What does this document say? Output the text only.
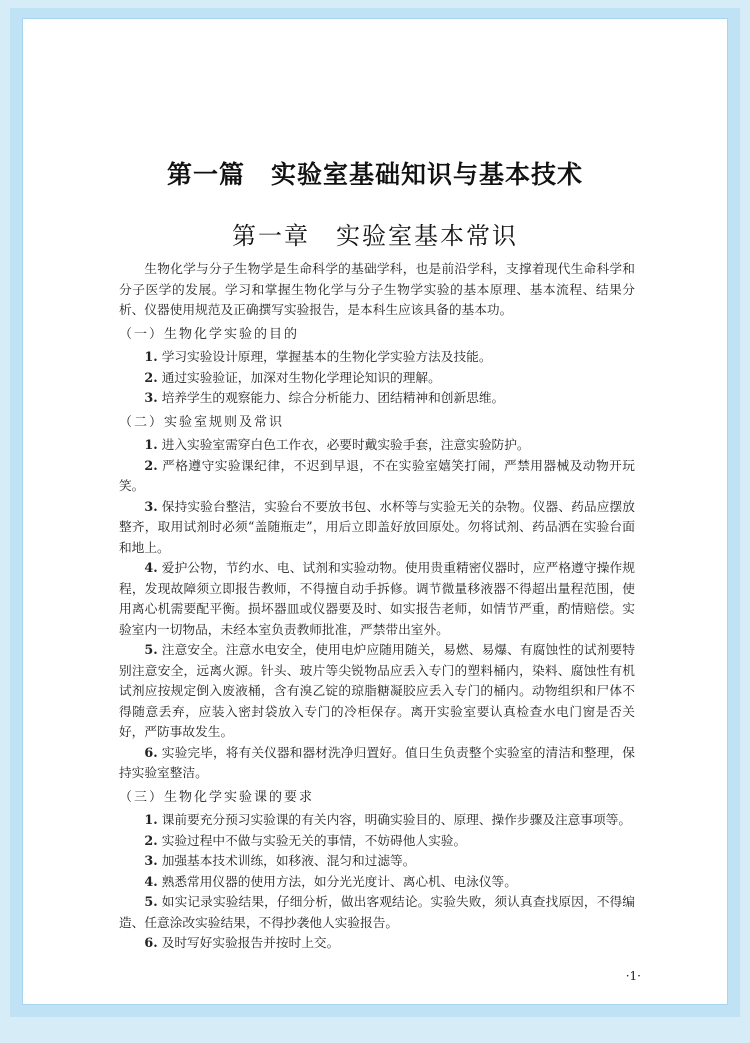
第一篇　实验室基础知识与基本技术
第一章　实验室基本常识

生物化学与分子生物学是生命科学的基础学科，也是前沿学科，支撑着现代生命科学和分子医学的发展。学习和掌握生物化学与分子生物学实验的基本原理、基本流程、结果分析、仪器使用规范及正确撰写实验报告，是本科生应该具备的基本功。

（一）生物化学实验的目的

1. 学习实验设计原理，掌握基本的生物化学实验方法及技能。

2. 通过实验验证，加深对生物化学理论知识的理解。

3. 培养学生的观察能力、综合分析能力、团结精神和创新思维。

（二）实验室规则及常识

1. 进入实验室需穿白色工作衣，必要时戴实验手套，注意实验防护。

2. 严格遵守实验课纪律，不迟到早退，不在实验室嬉笑打闹，严禁用器械及动物开玩笑。

3. 保持实验台整洁，实验台不要放书包、水杯等与实验无关的杂物。仪器、药品应摆放整齐，取用试剂时必须“盖随瓶走”，用后立即盖好放回原处。勿将试剂、药品洒在实验台面和地上。

4. 爱护公物，节约水、电、试剂和实验动物。使用贵重精密仪器时，应严格遵守操作规程，发现故障须立即报告教师，不得擅自动手拆修。调节微量移液器不得超出量程范围，使用离心机需要配平衡。损坏器皿或仪器要及时、如实报告老师，如情节严重，酌情赔偿。实验室内一切物品，未经本室负责教师批准，严禁带出室外。

5. 注意安全。注意水电安全，使用电炉应随用随关，易燃、易爆、有腐蚀性的试剂要特别注意安全，远离火源。针头、玻片等尖锐物品应丢入专门的塑料桶内，染料、腐蚀性有机试剂应按规定倒入废液桶，含有溴乙锭的琼脂糖凝胶应丢入专门的桶内。动物组织和尸体不得随意丢弃，应装入密封袋放入专门的冷柜保存。离开实验室要认真检查水电门窗是否关好，严防事故发生。

6. 实验完毕，将有关仪器和器材洗净归置好。值日生负责整个实验室的清洁和整理，保持实验室整洁。

（三）生物化学实验课的要求

1. 课前要充分预习实验课的有关内容，明确实验目的、原理、操作步骤及注意事项等。

2. 实验过程中不做与实验无关的事情，不妨碍他人实验。

3. 加强基本技术训练，如移液、混匀和过滤等。

4. 熟悉常用仪器的使用方法，如分光光度计、离心机、电泳仪等。

5. 如实记录实验结果，仔细分析，做出客观结论。实验失败，须认真查找原因，不得编造、任意涂改实验结果，不得抄袭他人实验报告。

6. 及时写好实验报告并按时上交。

·1·
